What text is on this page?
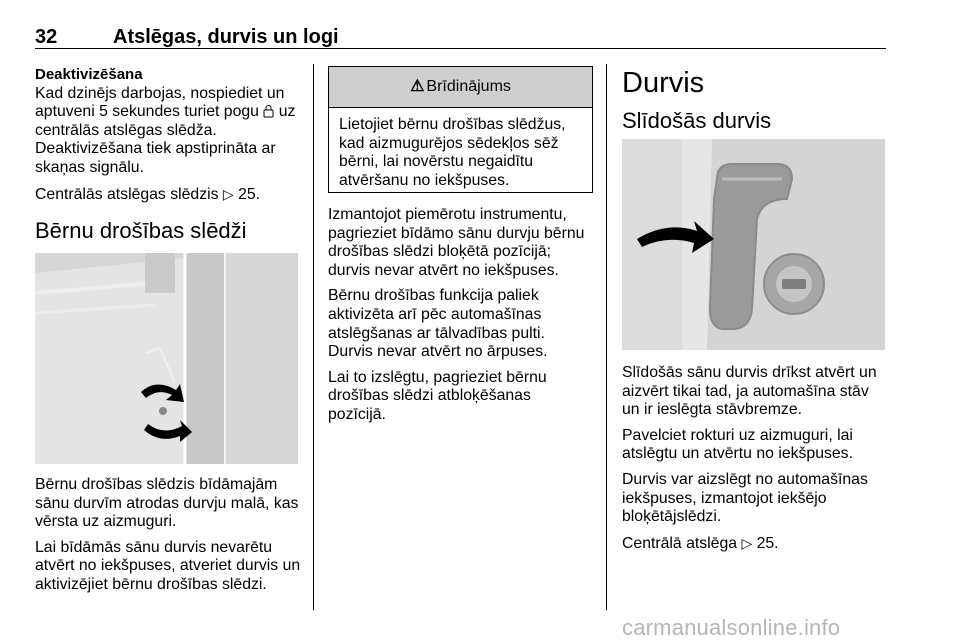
32	Atslēgas, durvis un logi
Deaktivizēšana

Kad dzinējs darbojas, nospiediet un
aptuveni 5 sekundes turiet pogu  uz
centrālās atslēgas slēdža.
Deaktivizēšana tiek apstiprināta ar
skaņas signālu.

Centrālās atslēgas slēdzis ▷ 25.

Bērnu drošības slēdži

Bērnu drošības slēdzis bīdāmajām
sānu durvīm atrodas durvju malā, kas
vērsta uz aizmuguri.

Lai bīdāmās sānu durvis nevarētu
atvērt no iekšpuses, atveriet durvis un
aktivizējiet bērnu drošības slēdzi.

⚠ Brīdinājums
Lietojiet bērnu drošības slēdžus,
kad aizmugurējos sēdekļos sēž
bērni, lai novērstu negaidītu
atvēršanu no iekšpuses.

Izmantojot piemērotu instrumentu,
pagrieziet bīdāmo sānu durvju bērnu
drošības slēdzi bloķētā pozīcijā;
durvis nevar atvērt no iekšpuses.

Bērnu drošības funkcija paliek
aktivizēta arī pēc automašīnas
atslēgšanas ar tālvadības pulti.
Durvis nevar atvērt no ārpuses.

Lai to izslēgtu, pagrieziet bērnu
drošības slēdzi atbloķēšanas
pozīcijā.

Durvis
Slīdošās durvis

Slīdošās sānu durvis drīkst atvērt un
aizvērt tikai tad, ja automašīna stāv
un ir ieslēgta stāvbremze.

Pavelciet rokturi uz aizmuguri, lai
atslēgtu un atvērtu no iekšpuses.

Durvis var aizslēgt no automašīnas
iekšpuses, izmantojot iekšējo
bloķētājslēdzi.

Centrālā atslēga ▷ 25.

carmanualsonline.info
